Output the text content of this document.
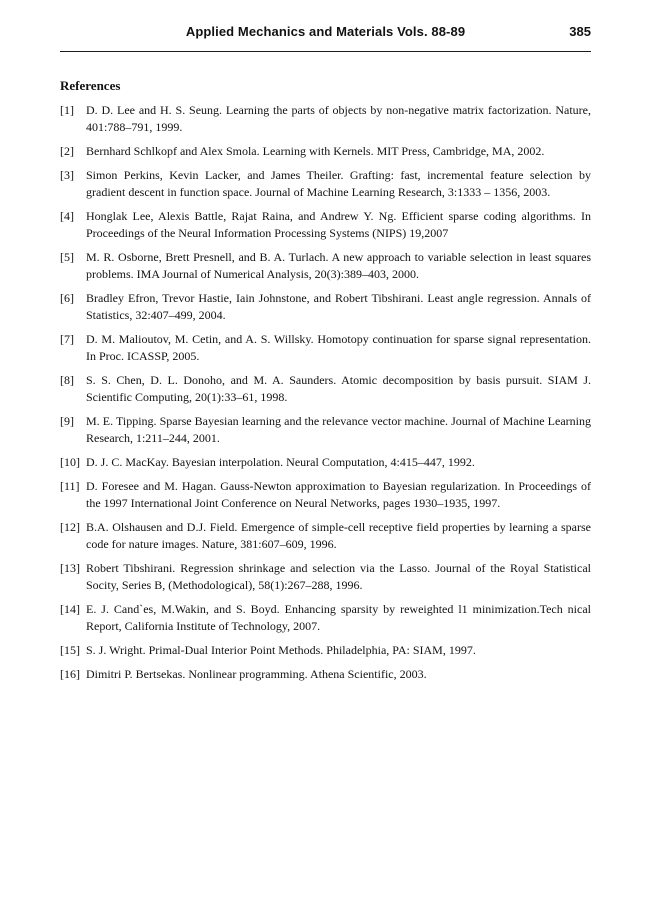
Applied Mechanics and Materials Vols. 88-89	385
References
[1] D. D. Lee and H. S. Seung. Learning the parts of objects by non-negative matrix factorization. Nature, 401:788–791, 1999.
[2] Bernhard Schlkopf and Alex Smola. Learning with Kernels. MIT Press, Cambridge, MA, 2002.
[3] Simon Perkins, Kevin Lacker, and James Theiler. Grafting: fast, incremental feature selection by gradient descent in function space. Journal of Machine Learning Research, 3:1333 – 1356, 2003.
[4] Honglak Lee, Alexis Battle, Rajat Raina, and Andrew Y. Ng. Efficient sparse coding algorithms. In Proceedings of the Neural Information Processing Systems (NIPS) 19,2007
[5] M. R. Osborne, Brett Presnell, and B. A. Turlach. A new approach to variable selection in least squares problems. IMA Journal of Numerical Analysis, 20(3):389–403, 2000.
[6] Bradley Efron, Trevor Hastie, Iain Johnstone, and Robert Tibshirani. Least angle regression. Annals of Statistics, 32:407–499, 2004.
[7] D. M. Malioutov, M. Cetin, and A. S. Willsky. Homotopy continuation for sparse signal representation. In Proc. ICASSP, 2005.
[8] S. S. Chen, D. L. Donoho, and M. A. Saunders. Atomic decomposition by basis pursuit. SIAM J. Scientific Computing, 20(1):33–61, 1998.
[9] M. E. Tipping. Sparse Bayesian learning and the relevance vector machine. Journal of Machine Learning Research, 1:211–244, 2001.
[10] D. J. C. MacKay. Bayesian interpolation. Neural Computation, 4:415–447, 1992.
[11] D. Foresee and M. Hagan. Gauss-Newton approximation to Bayesian regularization. In Proceedings of the 1997 International Joint Conference on Neural Networks, pages 1930–1935, 1997.
[12] B.A. Olshausen and D.J. Field. Emergence of simple-cell receptive field properties by learning a sparse code for nature images. Nature, 381:607–609, 1996.
[13] Robert Tibshirani. Regression shrinkage and selection via the Lasso. Journal of the Royal Statistical Socity, Series B, (Methodological), 58(1):267–288, 1996.
[14] E. J. Cand`es, M.Wakin, and S. Boyd. Enhancing sparsity by reweighted l1 minimization.Tech nical Report, California Institute of Technology, 2007.
[15] S. J. Wright. Primal-Dual Interior Point Methods. Philadelphia, PA: SIAM, 1997.
[16] Dimitri P. Bertsekas. Nonlinear programming. Athena Scientific, 2003.
